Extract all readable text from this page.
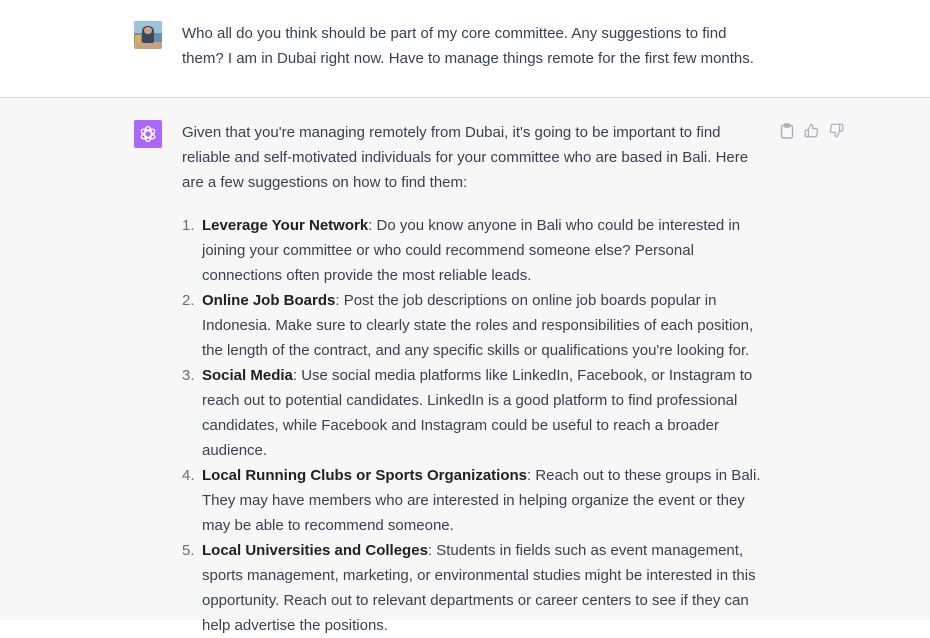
Who all do you think should be part of my core committee. Any suggestions to find them? I am in Dubai right now. Have to manage things remote for the first few months.

Given that you're managing remotely from Dubai, it's going to be important to find reliable and self-motivated individuals for your committee who are based in Bali. Here are a few suggestions on how to find them:

1. Leverage Your Network: Do you know anyone in Bali who could be interested in joining your committee or who could recommend someone else? Personal connections often provide the most reliable leads.
2. Online Job Boards: Post the job descriptions on online job boards popular in Indonesia. Make sure to clearly state the roles and responsibilities of each position, the length of the contract, and any specific skills or qualifications you're looking for.
3. Social Media: Use social media platforms like LinkedIn, Facebook, or Instagram to reach out to potential candidates. LinkedIn is a good platform to find professional candidates, while Facebook and Instagram could be useful to reach a broader audience.
4. Local Running Clubs or Sports Organizations: Reach out to these groups in Bali. They may have members who are interested in helping organize the event or they may be able to recommend someone.
5. Local Universities and Colleges: Students in fields such as event management, sports management, marketing, or environmental studies might be interested in this opportunity. Reach out to relevant departments or career centers to see if they can help advertise the positions.
